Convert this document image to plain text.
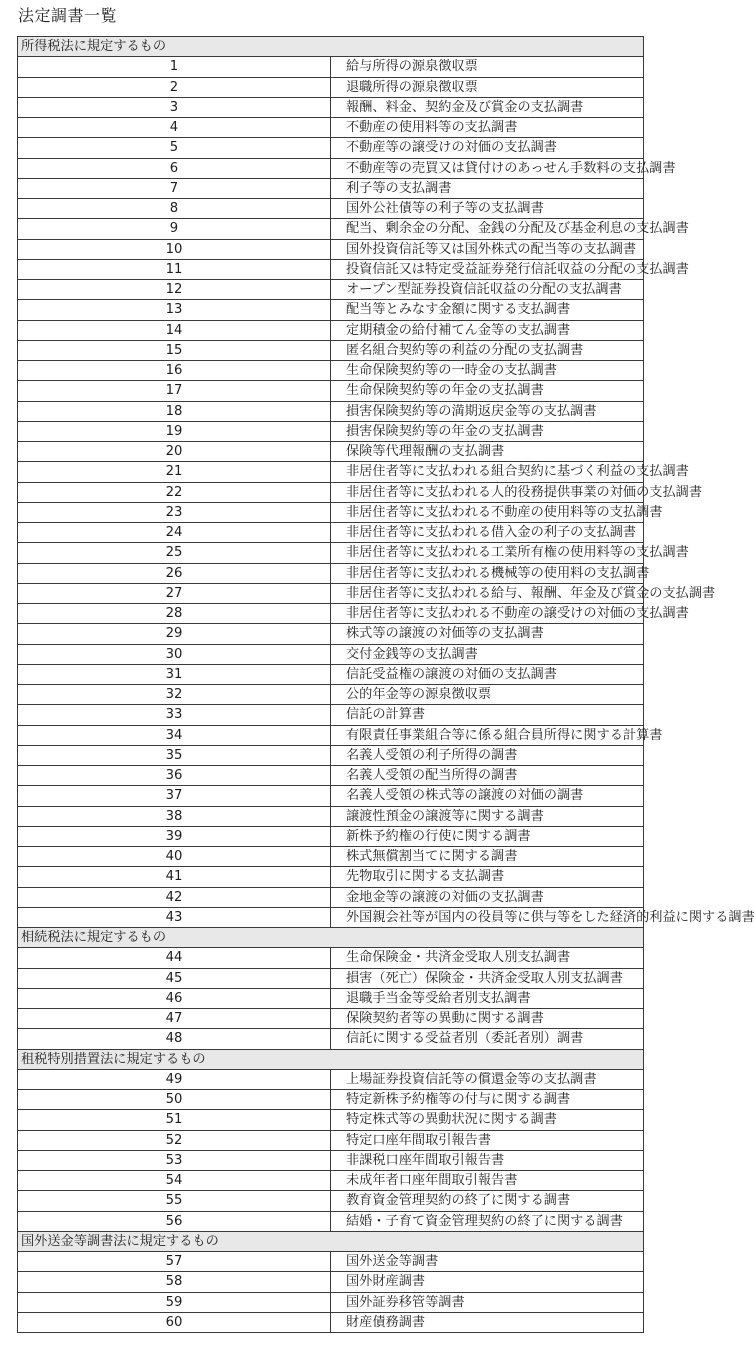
法定調書一覧
所得税法に規定するもの	
1	給与所得の源泉徴収票
2	退職所得の源泉徴収票
3	報酬、料金、契約金及び賞金の支払調書
4	不動産の使用料等の支払調書
5	不動産等の譲受けの対価の支払調書
6	不動産等の売買又は貸付けのあっせん手数料の支払調書
7	利子等の支払調書
8	国外公社債等の利子等の支払調書
9	配当、剰余金の分配、金銭の分配及び基金利息の支払調書
10	国外投資信託等又は国外株式の配当等の支払調書
11	投資信託又は特定受益証券発行信託収益の分配の支払調書
12	オープン型証券投資信託収益の分配の支払調書
13	配当等とみなす金額に関する支払調書
14	定期積金の給付補てん金等の支払調書
15	匿名組合契約等の利益の分配の支払調書
16	生命保険契約等の一時金の支払調書
17	生命保険契約等の年金の支払調書
18	損害保険契約等の満期返戻金等の支払調書
19	損害保険契約等の年金の支払調書
20	保険等代理報酬の支払調書
21	非居住者等に支払われる組合契約に基づく利益の支払調書
22	非居住者等に支払われる人的役務提供事業の対価の支払調書
23	非居住者等に支払われる不動産の使用料等の支払調書
24	非居住者等に支払われる借入金の利子の支払調書
25	非居住者等に支払われる工業所有権の使用料等の支払調書
26	非居住者等に支払われる機械等の使用料の支払調書
27	非居住者等に支払われる給与、報酬、年金及び賞金の支払調書
28	非居住者等に支払われる不動産の譲受けの対価の支払調書
29	株式等の譲渡の対価等の支払調書
30	交付金銭等の支払調書
31	信託受益権の譲渡の対価の支払調書
32	公的年金等の源泉徴収票
33	信託の計算書
34	有限責任事業組合等に係る組合員所得に関する計算書
35	名義人受領の利子所得の調書
36	名義人受領の配当所得の調書
37	名義人受領の株式等の譲渡の対価の調書
38	譲渡性預金の譲渡等に関する調書
39	新株予約権の行使に関する調書
40	株式無償割当てに関する調書
41	先物取引に関する支払調書
42	金地金等の譲渡の対価の支払調書
43	外国親会社等が国内の役員等に供与等をした経済的利益に関する調書
相続税法に規定するもの	
44	生命保険金・共済金受取人別支払調書
45	損害（死亡）保険金・共済金受取人別支払調書
46	退職手当金等受給者別支払調書
47	保険契約者等の異動に関する調書
48	信託に関する受益者別（委託者別）調書
租税特別措置法に規定するもの	
49	上場証券投資信託等の償還金等の支払調書
50	特定新株予約権等の付与に関する調書
51	特定株式等の異動状況に関する調書
52	特定口座年間取引報告書
53	非課税口座年間取引報告書
54	未成年者口座年間取引報告書
55	教育資金管理契約の終了に関する調書
56	結婚・子育て資金管理契約の終了に関する調書
国外送金等調書法に規定するもの	
57	国外送金等調書
58	国外財産調書
59	国外証券移管等調書
60	財産債務調書
